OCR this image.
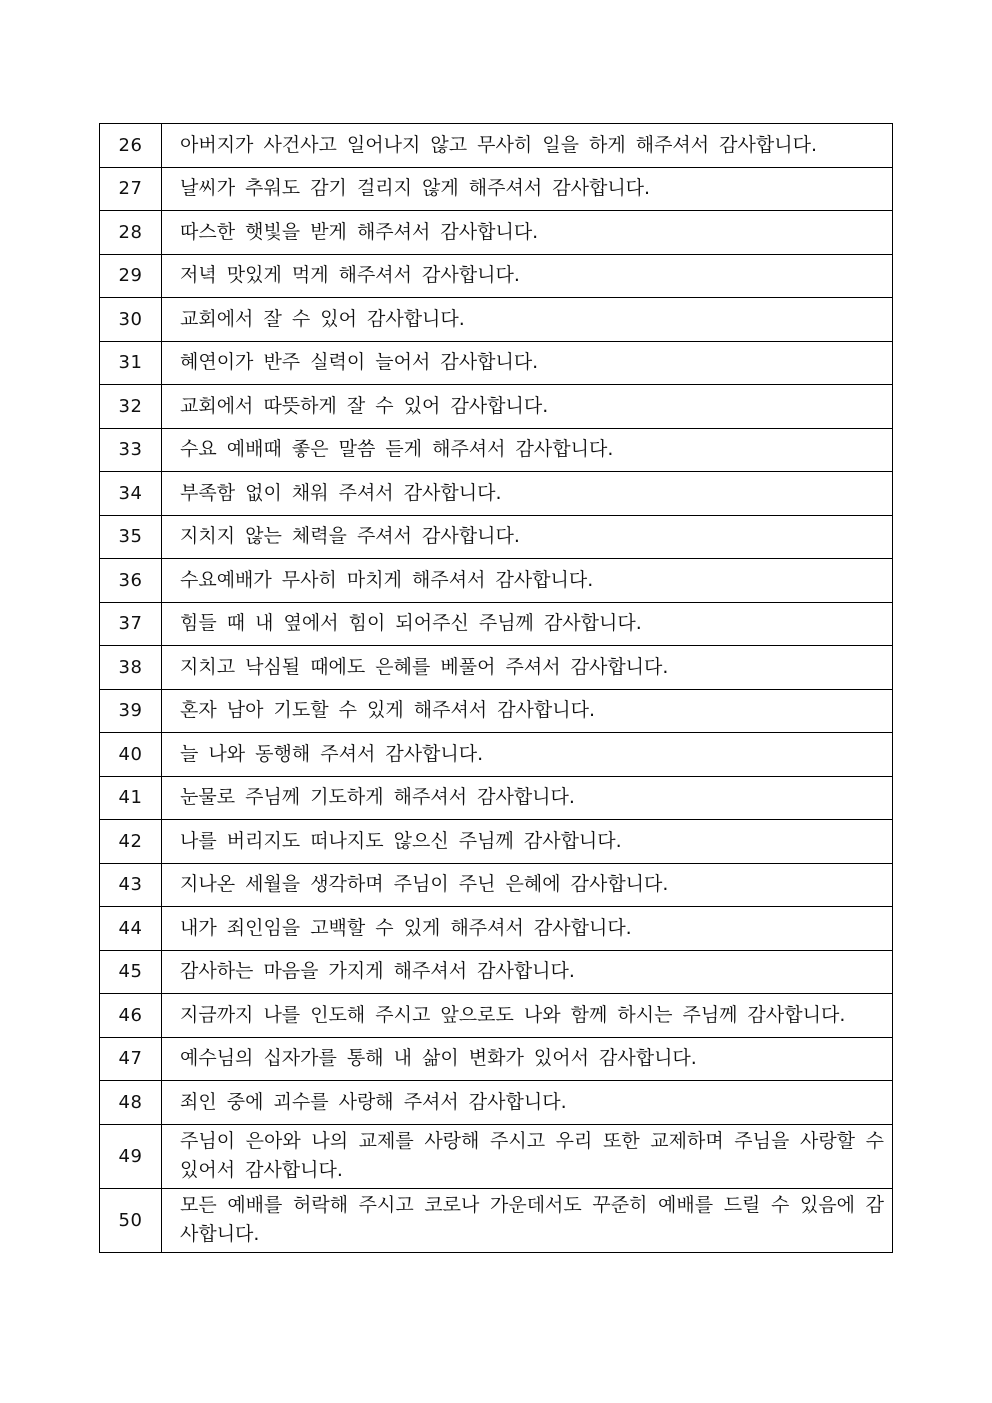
26	아버지가 사건사고 일어나지 않고 무사히 일을 하게 해주셔서 감사합니다.
27	날씨가 추워도 감기 걸리지 않게 해주셔서 감사합니다.
28	따스한 햇빛을 받게 해주셔서 감사합니다.
29	저녁 맛있게 먹게 해주셔서 감사합니다.
30	교회에서 잘 수 있어 감사합니다.
31	혜연이가 반주 실력이 늘어서 감사합니다.
32	교회에서 따뜻하게 잘 수 있어 감사합니다.
33	수요 예배때 좋은 말씀 듣게 해주셔서 감사합니다.
34	부족함 없이 채워 주셔서 감사합니다.
35	지치지 않는 체력을 주셔서 감사합니다.
36	수요예배가 무사히 마치게 해주셔서 감사합니다.
37	힘들 때 내 옆에서 힘이 되어주신 주님께 감사합니다.
38	지치고 낙심될 때에도 은혜를 베풀어 주셔서 감사합니다.
39	혼자 남아 기도할 수 있게 해주셔서 감사합니다.
40	늘 나와 동행해 주셔서 감사합니다.
41	눈물로 주님께 기도하게 해주셔서 감사합니다.
42	나를 버리지도 떠나지도 않으신 주님께 감사합니다.
43	지나온 세월을 생각하며 주님이 주닌 은혜에 감사합니다.
44	내가 죄인임을 고백할 수 있게 해주셔서 감사합니다.
45	감사하는 마음을 가지게 해주셔서 감사합니다.
46	지금까지 나를 인도해 주시고 앞으로도 나와 함께 하시는 주님께 감사합니다.
47	예수님의 십자가를 통해 내 삶이 변화가 있어서 감사합니다.
48	죄인 중에 괴수를 사랑해 주셔서 감사합니다.
49	주님이 은아와 나의 교제를 사랑해 주시고 우리 또한 교제하며 주님을 사랑할 수 있어서 감사합니다.
50	모든 예배를 허락해 주시고 코로나 가운데서도 꾸준히 예배를 드릴 수 있음에 감사합니다.
